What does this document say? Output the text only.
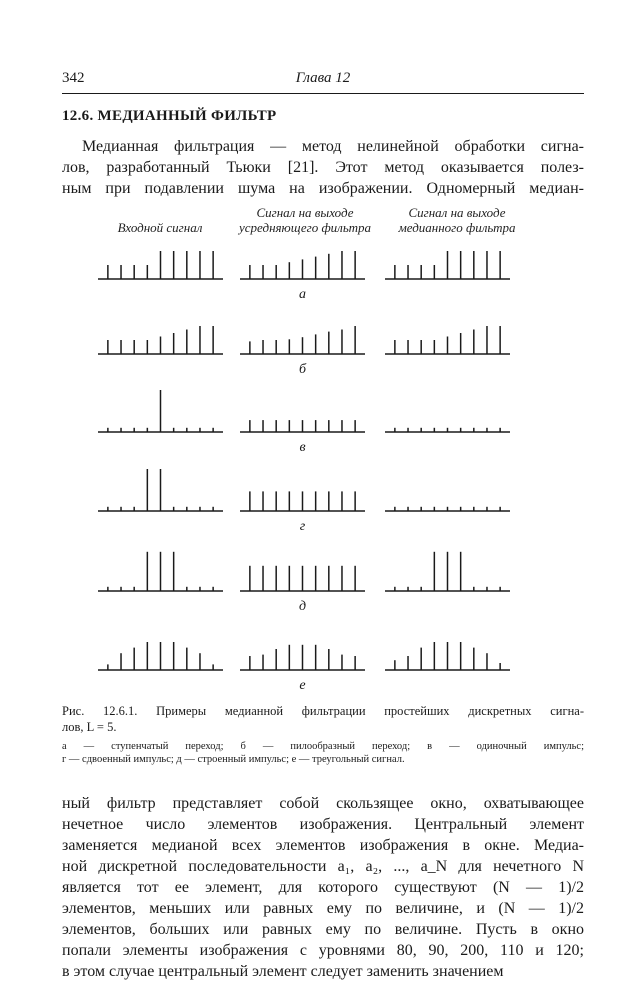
342	Глава 12
12.6. МЕДИАННЫЙ ФИЛЬТР
Медианная фильтрация — метод нелинейной обработки сигна-
лов, разработанный Тьюки [21]. Этот метод оказывается полез-
ным при подавлении шума на изображении. Одномерный медиан-
Входной сигнал
Сигнал на выходе
усредняющего фильтра
Сигнал на выходе
медианного фильтра
а
б
в
г
д
е
Рис. 12.6.1. Примеры медианной фильтрации простейших дискретных сигна-
лов, L = 5.
а — ступенчатый переход; б — пилообразный переход; в — одиночный импульс;
г — сдвоенный импульс; д — строенный импульс; е — треугольный сигнал.
ный фильтр представляет собой скользящее окно, охватывающее
нечетное число элементов изображения. Центральный элемент
заменяется медианой всех элементов изображения в окне. Медиа-
ной дискретной последовательности a₁, a₂, ..., a_N для нечетного N
является тот ее элемент, для которого существуют (N — 1)/2
элементов, меньших или равных ему по величине, и (N — 1)/2
элементов, больших или равных ему по величине. Пусть в окно
попали элементы изображения с уровнями 80, 90, 200, 110 и 120;
в этом случае центральный элемент следует заменить значением
